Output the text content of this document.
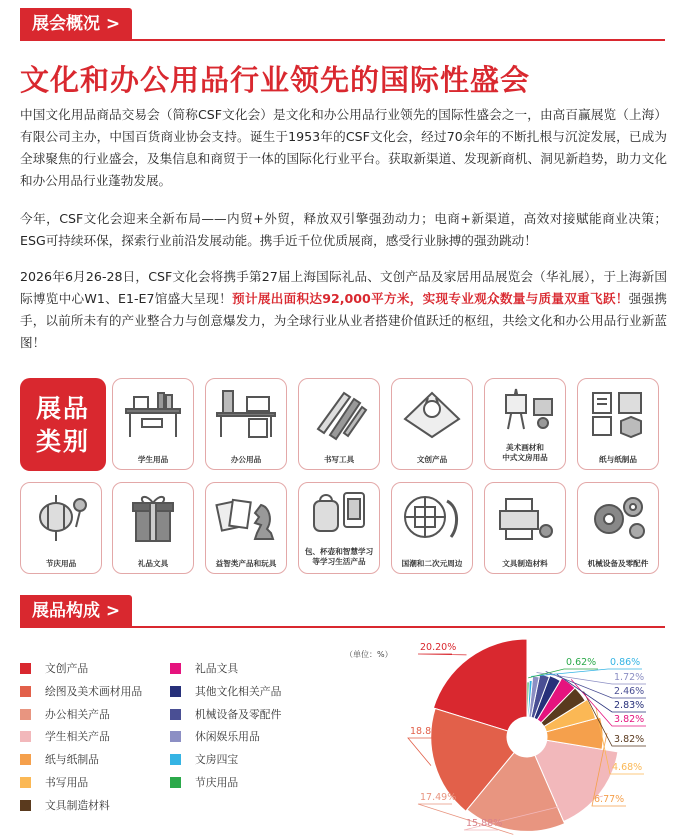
展会概况 >
文化和办公用品行业领先的国际性盛会
中国文化用品商品交易会（简称CSF文化会）是文化和办公用品行业领先的国际性盛会之一，由高百赢展览（上海）有限公司主办，中国百货商业协会支持。诞生于1953年的CSF文化会，经过70余年的不断扎根与沉淀发展，已成为全球聚焦的行业盛会，及集信息和商贸于一体的国际化行业平台。获取新渠道、发现新商机、洞见新趋势，助力文化和办公用品行业蓬勃发展。
今年，CSF文化会迎来全新布局——内贸+外贸，释放双引擎强劲动力；电商+新渠道，高效对接赋能商业决策；ESG可持续环保，探索行业前沿发展动能。携手近千位优质展商，感受行业脉搏的强劲跳动！
2026年6月26-28日，CSF文化会将携手第27届上海国际礼品、文创产品及家居用品展览会（华礼展），于上海新国际博览中心W1、E1-E7馆盛大呈现！预计展出面积达92,000平方米，实现专业观众数量与质量双重飞跃！强强携手，以前所未有的产业整合力与创意爆发力，为全球行业从业者搭建价值跃迁的枢纽，共绘文化和办公用品行业新蓝图！
展品
类别
学生用品	办公用品	书写工具	文创产品
美术画材和
中式文房用品	纸与纸制品
节庆用品	礼品文具	益智类产品和玩具
包、杯壶和智慧学习
等学习生活产品	国潮和二次元周边	文具制造材料	机械设备及零配件
展品构成 >
文创产品
绘图及美术画材用品
办公相关产品
学生相关产品
纸与纸制品
书写用品
文具制造材料
礼品文具
其他文化相关产品
机械设备及零配件
休闲娱乐用品
文房四宝
节庆用品
（单位：%）
20.20%
18.81%
17.49%
15.88%
6.77%
4.68%
3.82%
3.82%
2.83%
2.46%
1.72%
0.86%
0.62%
